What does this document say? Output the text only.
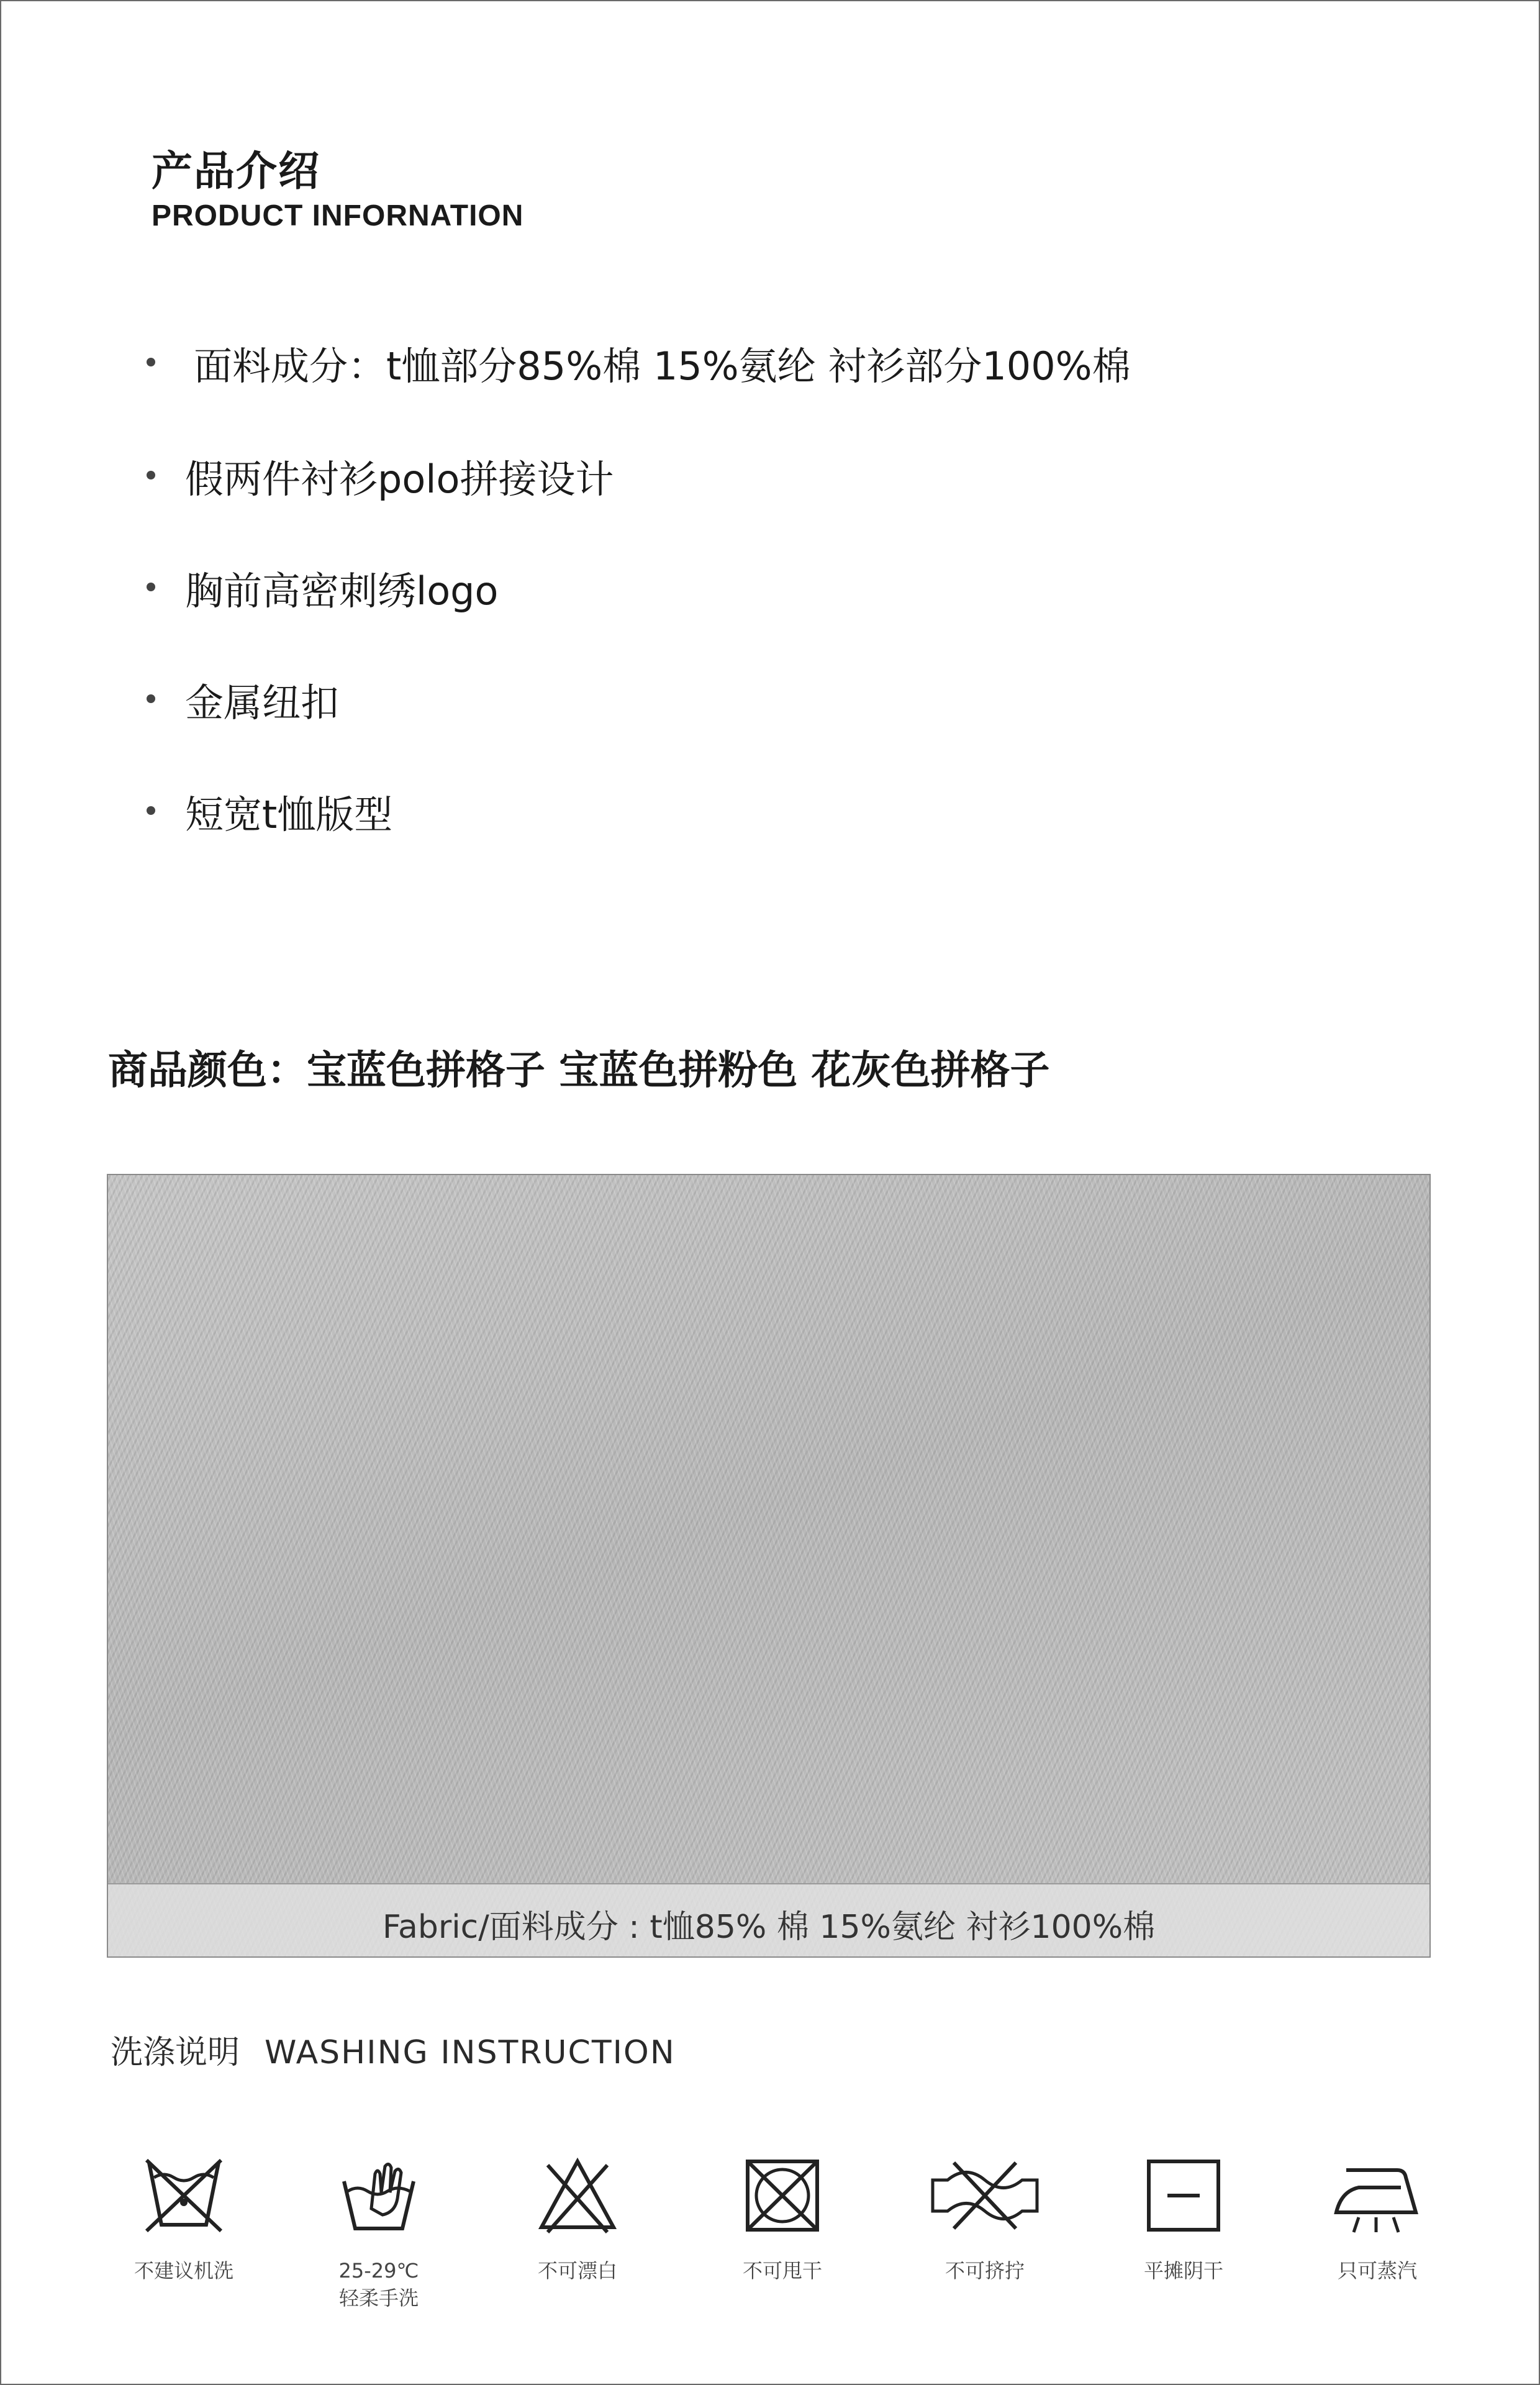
产品介绍
PRODUCT INFORNATION
面料成分：t恤部分85%棉 15%氨纶 衬衫部分100%棉
假两件衬衫polo拼接设计
胸前高密刺绣logo
金属纽扣
短宽t恤版型
商品颜色：宝蓝色拼格子 宝蓝色拼粉色 花灰色拼格子
Fabric/面料成分 : t恤85% 棉 15%氨纶 衬衫100%棉
洗涤说明 WASHING INSTRUCTION
不建议机洗	25-29℃
轻柔手洗
不可漂白	不可甩干	不可挤拧	平摊阴干	只可蒸汽
